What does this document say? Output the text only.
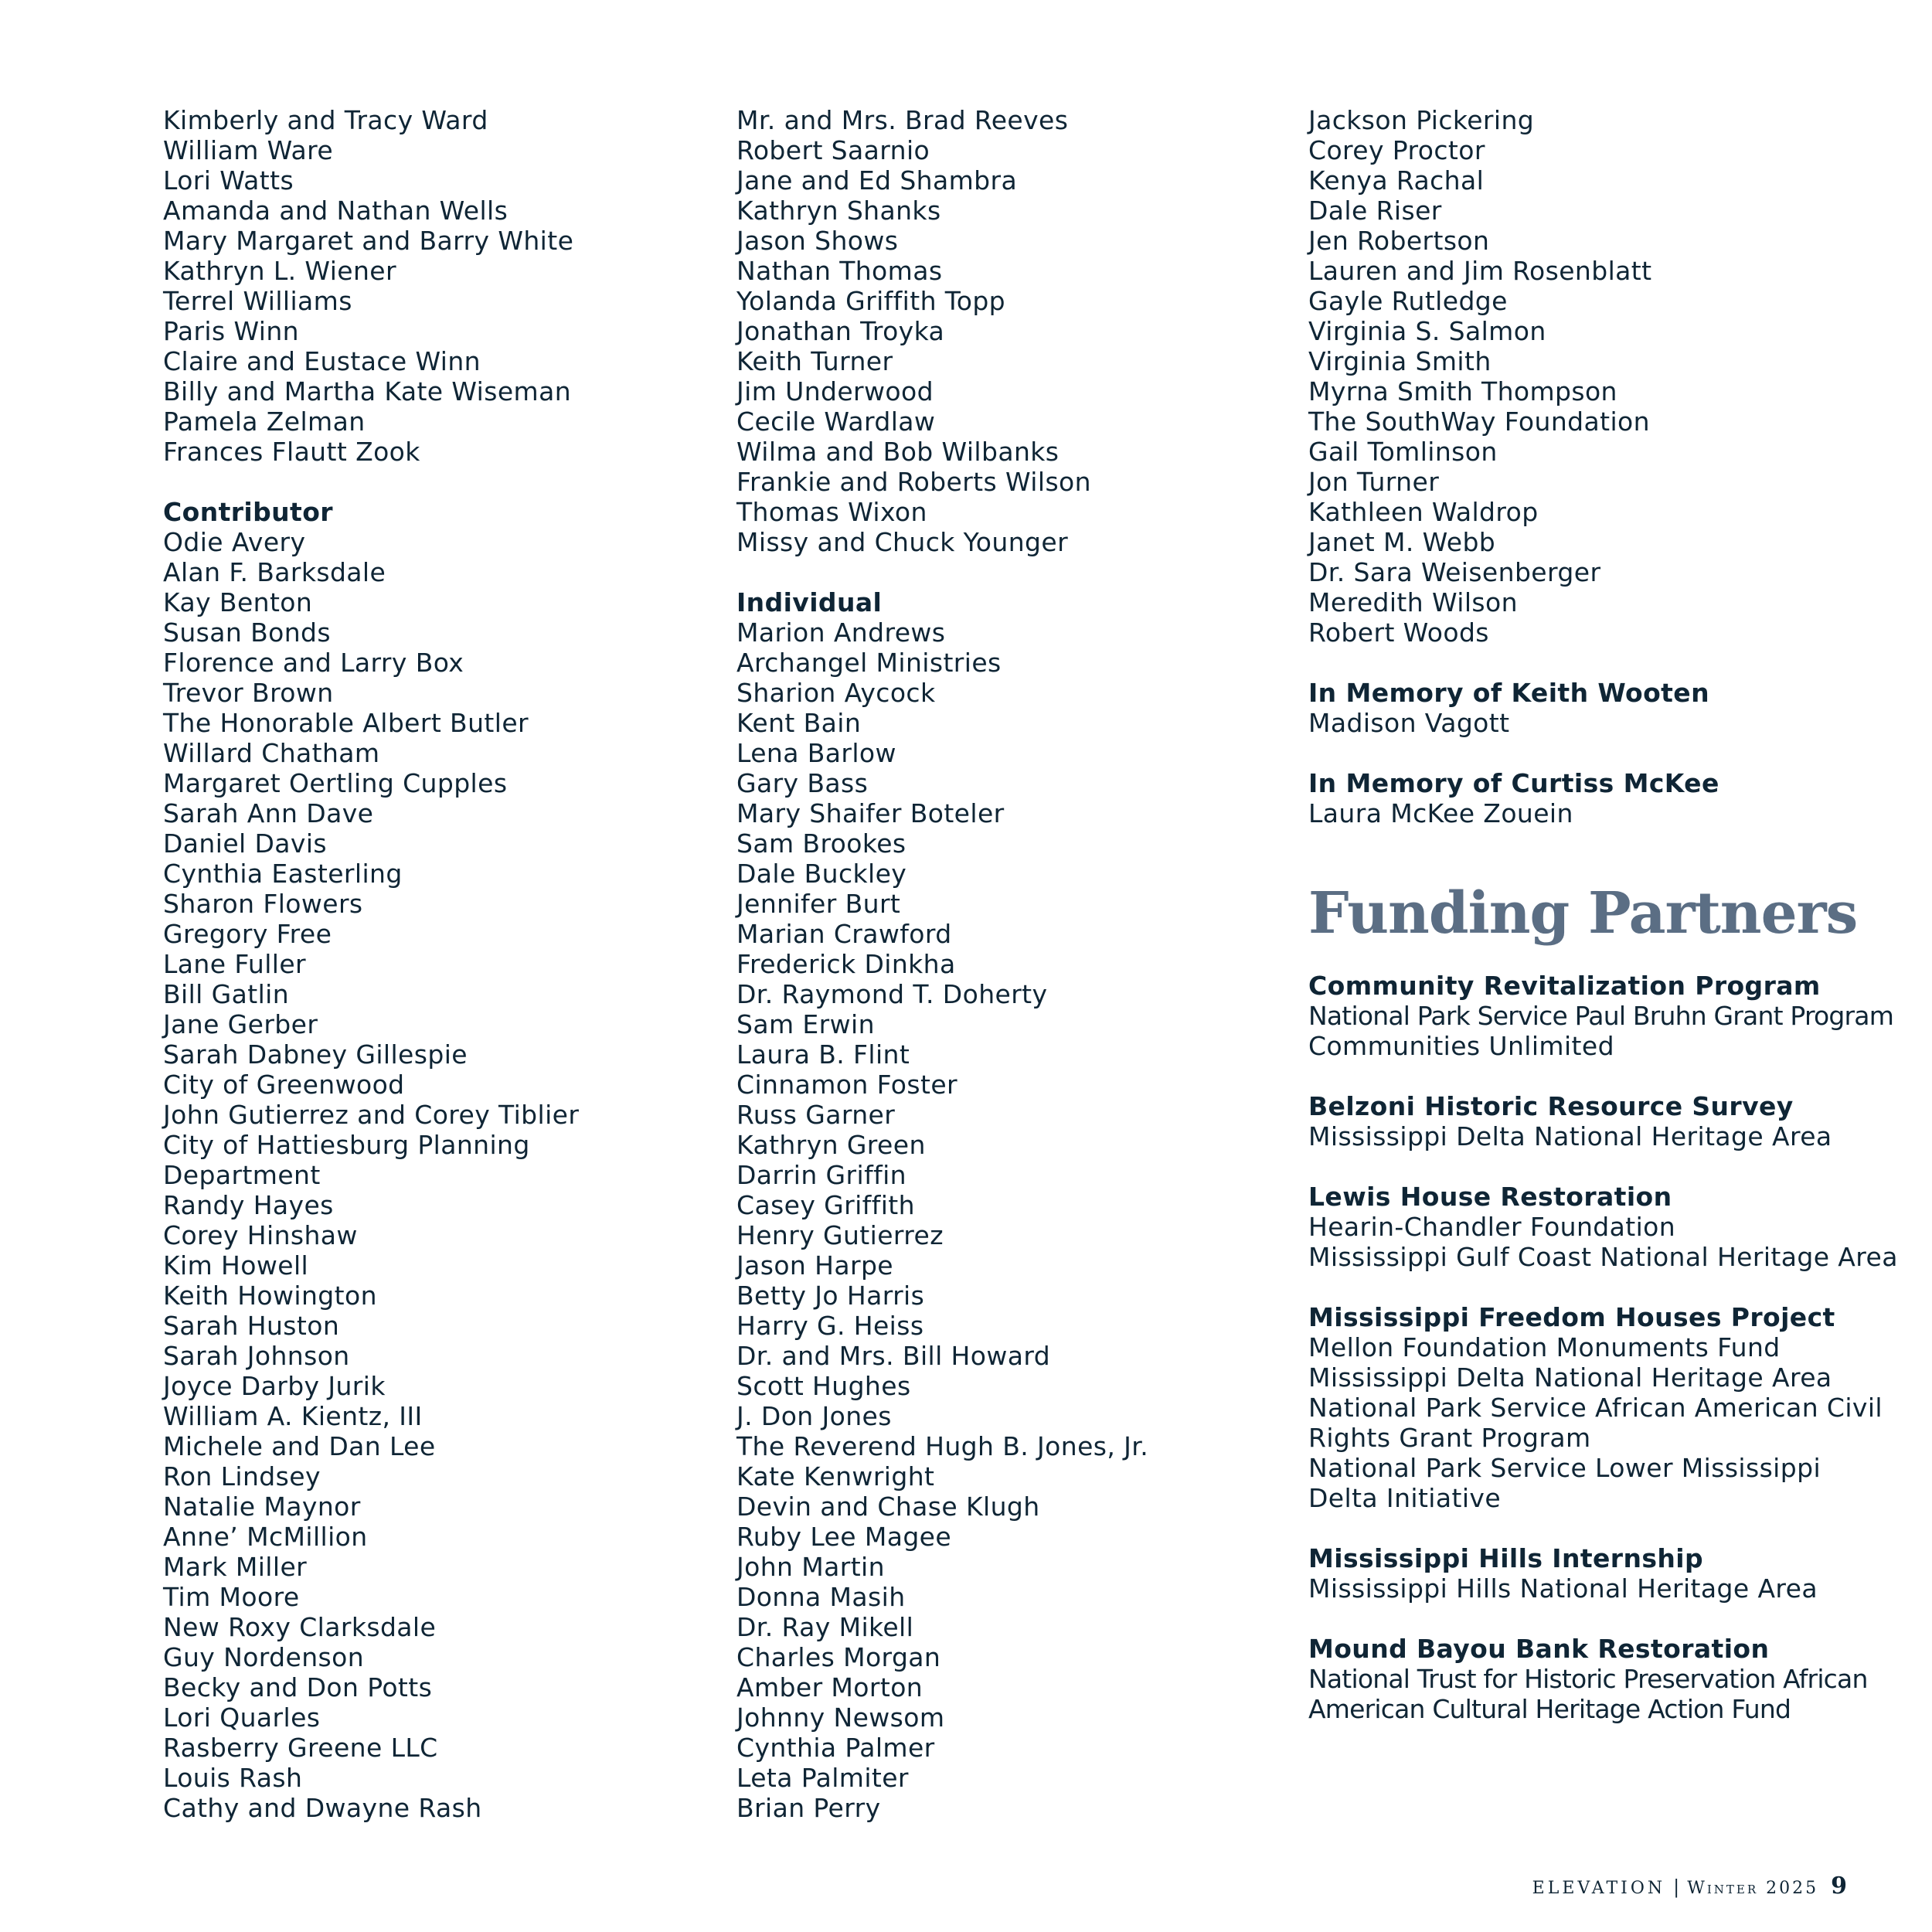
Kimberly and Tracy Ward
William Ware
Lori Watts
Amanda and Nathan Wells
Mary Margaret and Barry White
Kathryn L. Wiener
Terrel Williams
Paris Winn
Claire and Eustace Winn
Billy and Martha Kate Wiseman
Pamela Zelman
Frances Flautt Zook
Contributor
Odie Avery
Alan F. Barksdale
Kay Benton
Susan Bonds
Florence and Larry Box
Trevor Brown
The Honorable Albert Butler
Willard Chatham
Margaret Oertling Cupples
Sarah Ann Dave
Daniel Davis
Cynthia Easterling
Sharon Flowers
Gregory Free
Lane Fuller
Bill Gatlin
Jane Gerber
Sarah Dabney Gillespie
City of Greenwood
John Gutierrez and Corey Tiblier
City of Hattiesburg Planning
Department
Randy Hayes
Corey Hinshaw
Kim Howell
Keith Howington
Sarah Huston
Sarah Johnson
Joyce Darby Jurik
William A. Kientz, III
Michele and Dan Lee
Ron Lindsey
Natalie Maynor
Anne’ McMillion
Mark Miller
Tim Moore
New Roxy Clarksdale
Guy Nordenson
Becky and Don Potts
Lori Quarles
Rasberry Greene LLC
Louis Rash
Cathy and Dwayne Rash
Mr. and Mrs. Brad Reeves
Robert Saarnio
Jane and Ed Shambra
Kathryn Shanks
Jason Shows
Nathan Thomas
Yolanda Griffith Topp
Jonathan Troyka
Keith Turner
Jim Underwood
Cecile Wardlaw
Wilma and Bob Wilbanks
Frankie and Roberts Wilson
Thomas Wixon
Missy and Chuck Younger
Individual
Marion Andrews
Archangel Ministries
Sharion Aycock
Kent Bain
Lena Barlow
Gary Bass
Mary Shaifer Boteler
Sam Brookes
Dale Buckley
Jennifer Burt
Marian Crawford
Frederick Dinkha
Dr. Raymond T. Doherty
Sam Erwin
Laura B. Flint
Cinnamon Foster
Russ Garner
Kathryn Green
Darrin Griffin
Casey Griffith
Henry Gutierrez
Jason Harpe
Betty Jo Harris
Harry G. Heiss
Dr. and Mrs. Bill Howard
Scott Hughes
J. Don Jones
The Reverend Hugh B. Jones, Jr.
Kate Kenwright
Devin and Chase Klugh
Ruby Lee Magee
John Martin
Donna Masih
Dr. Ray Mikell
Charles Morgan
Amber Morton
Johnny Newsom
Cynthia Palmer
Leta Palmiter
Brian Perry
Jackson Pickering
Corey Proctor
Kenya Rachal
Dale Riser
Jen Robertson
Lauren and Jim Rosenblatt
Gayle Rutledge
Virginia S. Salmon
Virginia Smith
Myrna Smith Thompson
The SouthWay Foundation
Gail Tomlinson
Jon Turner
Kathleen Waldrop
Janet M. Webb
Dr. Sara Weisenberger
Meredith Wilson
Robert Woods
In Memory of Keith Wooten
Madison Vagott
In Memory of Curtiss McKee
Laura McKee Zouein
Funding Partners
Community Revitalization Program
National Park Service Paul Bruhn Grant Program
Communities Unlimited
Belzoni Historic Resource Survey
Mississippi Delta National Heritage Area
Lewis House Restoration
Hearin-Chandler Foundation
Mississippi Gulf Coast National Heritage Area
Mississippi Freedom Houses Project
Mellon Foundation Monuments Fund
Mississippi Delta National Heritage Area
National Park Service African American Civil
Rights Grant Program
National Park Service Lower Mississippi
Delta Initiative
Mississippi Hills Internship
Mississippi Hills National Heritage Area
Mound Bayou Bank Restoration
National Trust for Historic Preservation African
American Cultural Heritage Action Fund
ELEVATION | Winter 2025 9
